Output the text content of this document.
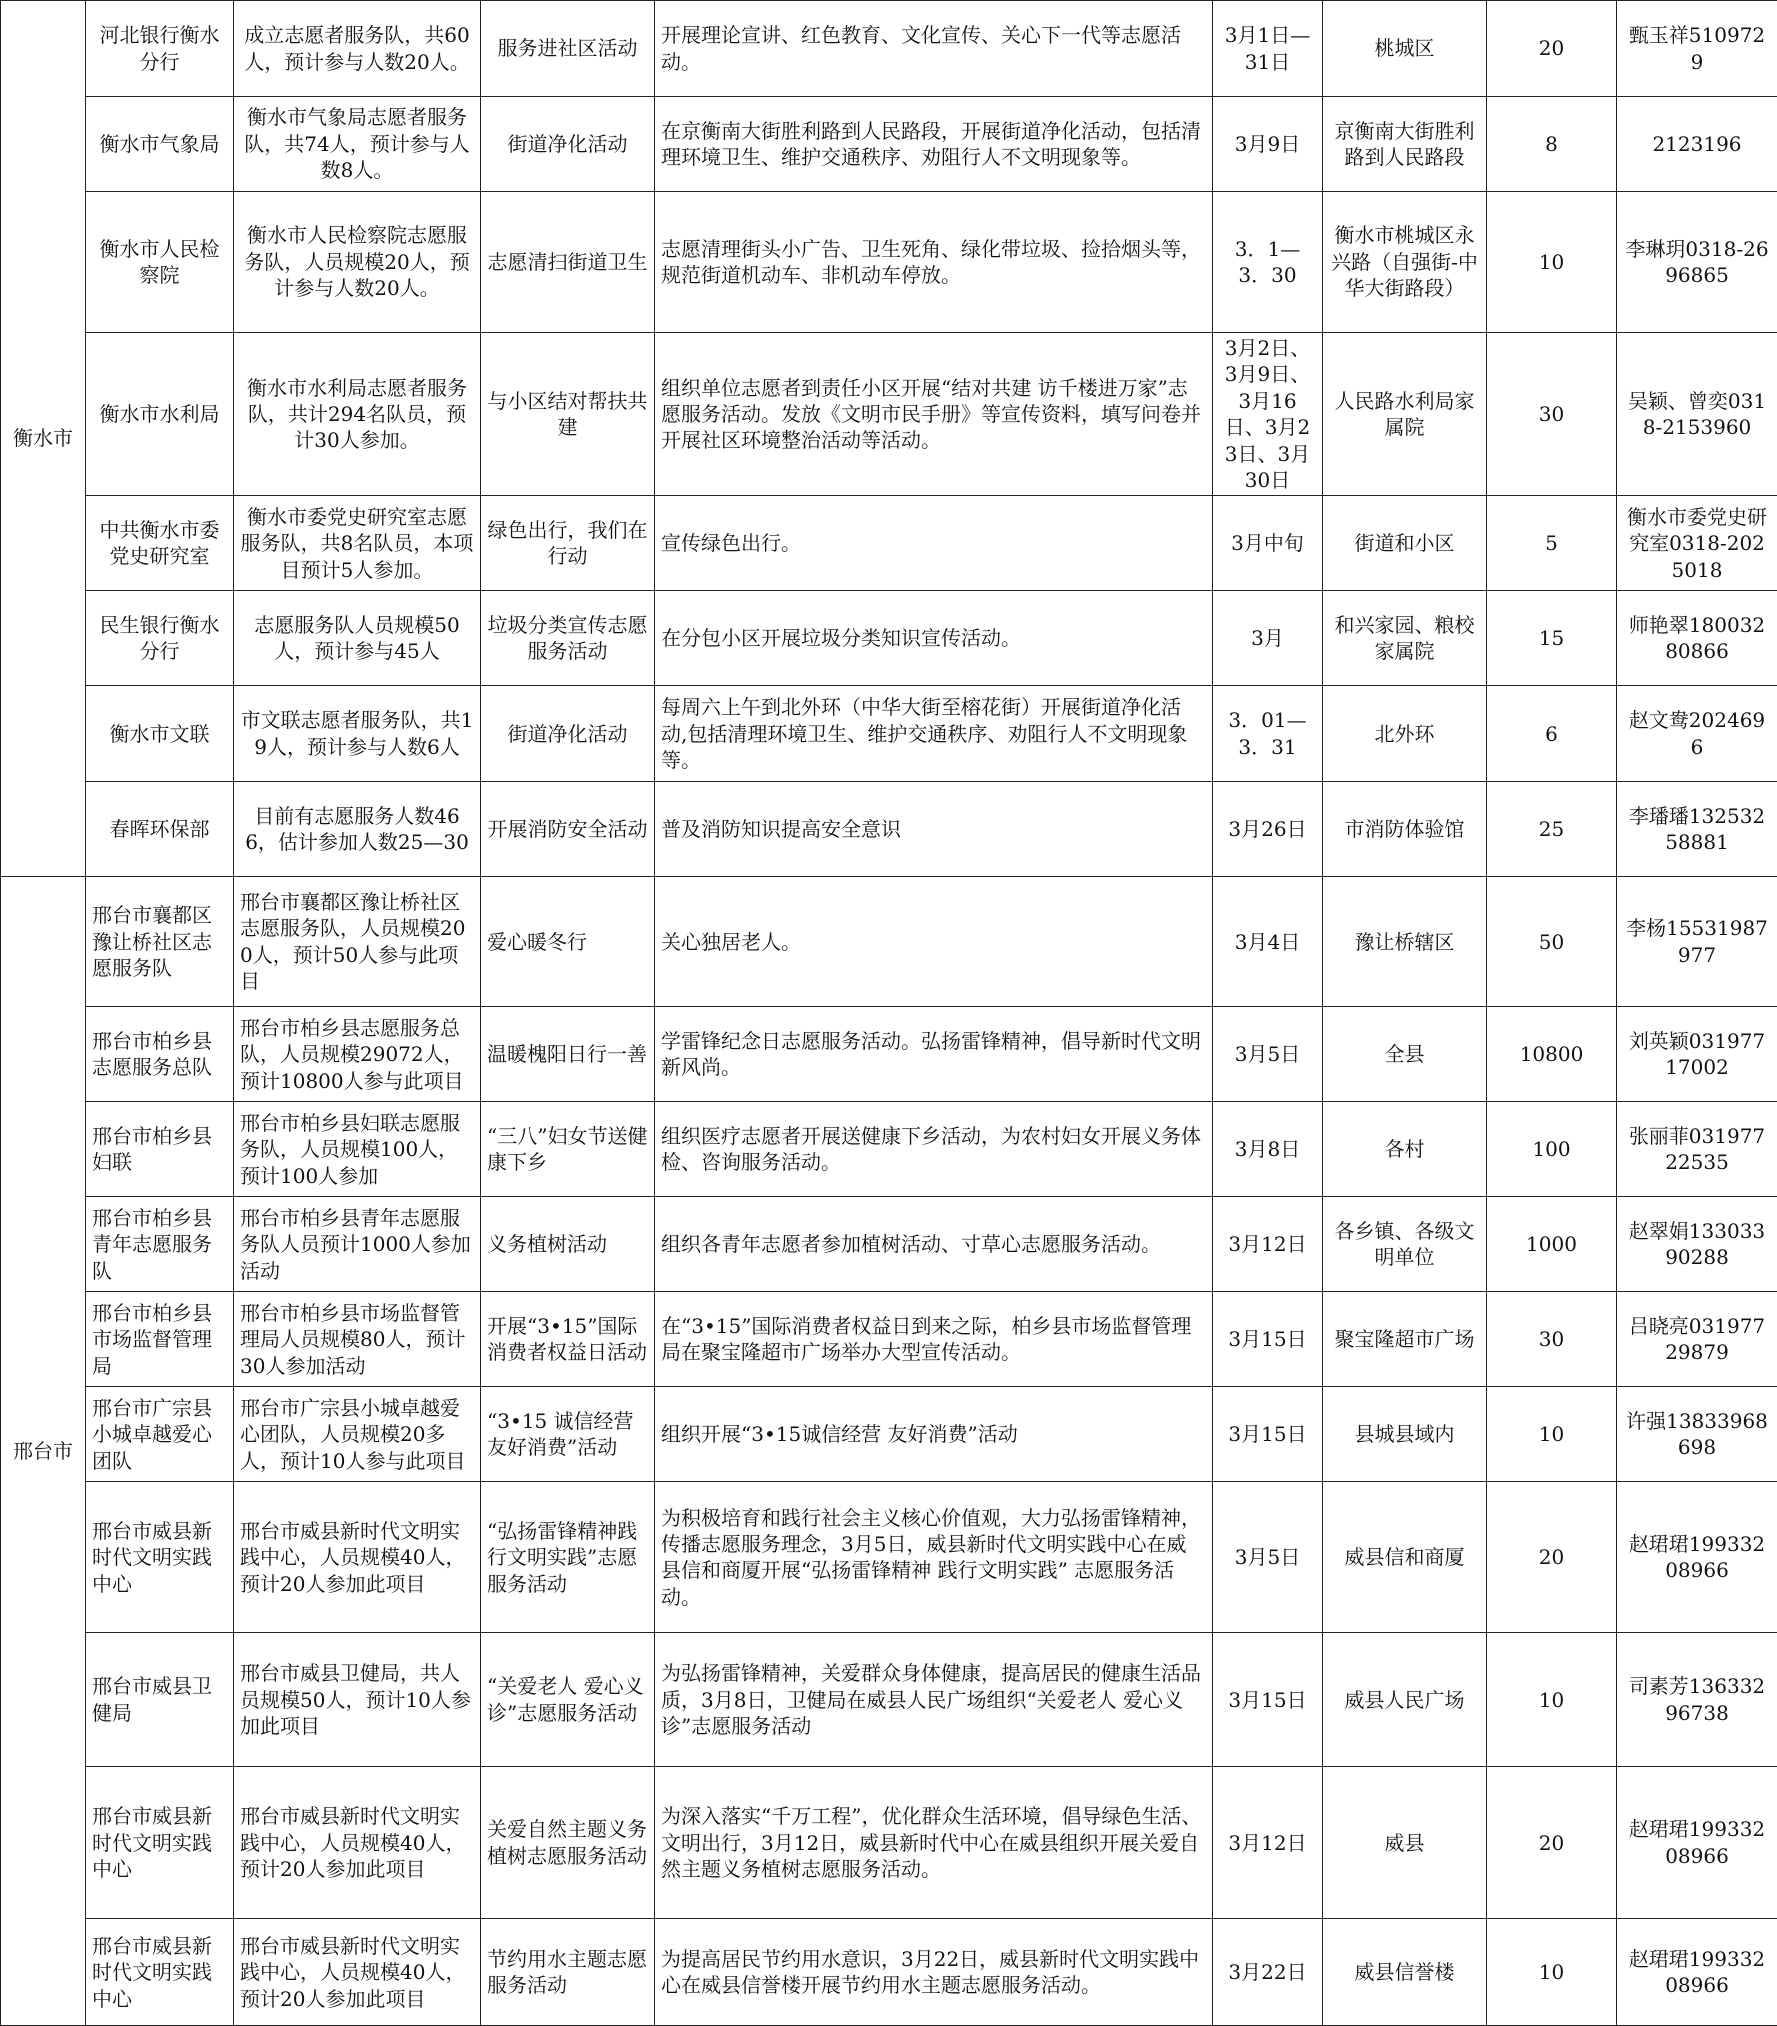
衡水市	河北银行衡水分行	成立志愿者服务队，共60人，预计参与人数20人。	服务进社区活动	开展理论宣讲、红色教育、文化宣传、关心下一代等志愿活动。	3月1日—31日	桃城区	20	甄玉祥5109729
	衡水市气象局	衡水市气象局志愿者服务队，共74人，预计参与人数8人。	街道净化活动	在京衡南大街胜利路到人民路段，开展街道净化活动，包括清理环境卫生、维护交通秩序、劝阻行人不文明现象等。	3月9日	京衡南大街胜利路到人民路段	8	2123196
	衡水市人民检察院	衡水市人民检察院志愿服务队，人员规模20人，预计参与人数20人。	志愿清扫街道卫生	志愿清理街头小广告、卫生死角、绿化带垃圾、捡拾烟头等，规范街道机动车、非机动车停放。	3．1—3．30	衡水市桃城区永兴路（自强街-中华大街路段）	10	李琳玥0318-2696865
	衡水市水利局	衡水市水利局志愿者服务队，共计294名队员，预计30人参加。	与小区结对帮扶共建	组织单位志愿者到责任小区开展“结对共建 访千楼进万家”志愿服务活动。发放《文明市民手册》等宣传资料，填写问卷并开展社区环境整治活动等活动。	3月2日、3月9日、3月16日、3月23日、3月30日	人民路水利局家属院	30	吴颖、曾奕0318-2153960
	中共衡水市委党史研究室	衡水市委党史研究室志愿服务队，共8名队员，本项目预计5人参加。	绿色出行，我们在行动	宣传绿色出行。	3月中旬	街道和小区	5	衡水市委党史研究室0318-2025018
	民生银行衡水分行	志愿服务队人员规模50人，预计参与45人	垃圾分类宣传志愿服务活动	在分包小区开展垃圾分类知识宣传活动。	3月	和兴家园、粮校家属院	15	师艳翠18003280866
	衡水市文联	市文联志愿者服务队，共19人，预计参与人数6人	街道净化活动	每周六上午到北外环（中华大街至榕花街）开展街道净化活动,包括清理环境卫生、维护交通秩序、劝阻行人不文明现象等。	3．01—3．31	北外环	6	赵文鸯2024696
	春晖环保部	目前有志愿服务人数466，估计参加人数25—30	开展消防安全活动	普及消防知识提高安全意识	3月26日	市消防体验馆	25	李璠璠13253258881
邢台市	邢台市襄都区豫让桥社区志愿服务队	邢台市襄都区豫让桥社区志愿服务队，人员规模200人，预计50人参与此项目	爱心暖冬行	关心独居老人。	3月4日	豫让桥辖区	50	李杨15531987977
	邢台市柏乡县志愿服务总队	邢台市柏乡县志愿服务总队，人员规模29072人，预计10800人参与此项目	温暖槐阳日行一善	学雷锋纪念日志愿服务活动。弘扬雷锋精神，倡导新时代文明新风尚。	3月5日	全县	10800	刘英颖03197717002
	邢台市柏乡县妇联	邢台市柏乡县妇联志愿服务队，人员规模100人，预计100人参加	“三八”妇女节送健康下乡	组织医疗志愿者开展送健康下乡活动，为农村妇女开展义务体检、咨询服务活动。	3月8日	各村	100	张丽菲03197722535
	邢台市柏乡县青年志愿服务队	邢台市柏乡县青年志愿服务队人员预计1000人参加活动	义务植树活动	组织各青年志愿者参加植树活动、寸草心志愿服务活动。	3月12日	各乡镇、各级文明单位	1000	赵翠娟13303390288
	邢台市柏乡县市场监督管理局	邢台市柏乡县市场监督管理局人员规模80人，预计30人参加活动	开展“3•15”国际消费者权益日活动	在“3•15”国际消费者权益日到来之际，柏乡县市场监督管理局在聚宝隆超市广场举办大型宣传活动。	3月15日	聚宝隆超市广场	30	吕晓亮03197729879
	邢台市广宗县小城卓越爱心团队	邢台市广宗县小城卓越爱心团队，人员规模20多人，预计10人参与此项目	“3•15 诚信经营友好消费”活动	组织开展“3•15诚信经营 友好消费”活动	3月15日	县城县域内	10	许强13833968698
	邢台市威县新时代文明实践中心	邢台市威县新时代文明实践中心，人员规模40人，预计20人参加此项目	“弘扬雷锋精神践行文明实践”志愿服务活动	为积极培育和践行社会主义核心价值观，大力弘扬雷锋精神，传播志愿服务理念，3月5日，威县新时代文明实践中心在威县信和商厦开展“弘扬雷锋精神 践行文明实践” 志愿服务活动。	3月5日	威县信和商厦	20	赵珺珺19933208966
	邢台市威县卫健局	邢台市威县卫健局，共人员规模50人，预计10人参加此项目	“关爱老人 爱心义诊”志愿服务活动	为弘扬雷锋精神，关爱群众身体健康，提高居民的健康生活品质，3月8日，卫健局在威县人民广场组织“关爱老人 爱心义诊”志愿服务活动	3月15日	威县人民广场	10	司素芳13633296738
	邢台市威县新时代文明实践中心	邢台市威县新时代文明实践中心，人员规模40人，预计20人参加此项目	关爱自然主题义务植树志愿服务活动	为深入落实“千万工程”，优化群众生活环境，倡导绿色生活、文明出行，3月12日，威县新时代中心在威县组织开展关爱自然主题义务植树志愿服务活动。	3月12日	威县	20	赵珺珺19933208966
	邢台市威县新时代文明实践中心	邢台市威县新时代文明实践中心，人员规模40人，预计20人参加此项目	节约用水主题志愿服务活动	为提高居民节约用水意识，3月22日，威县新时代文明实践中心在威县信誉楼开展节约用水主题志愿服务活动。	3月22日	威县信誉楼	10	赵珺珺19933208966
